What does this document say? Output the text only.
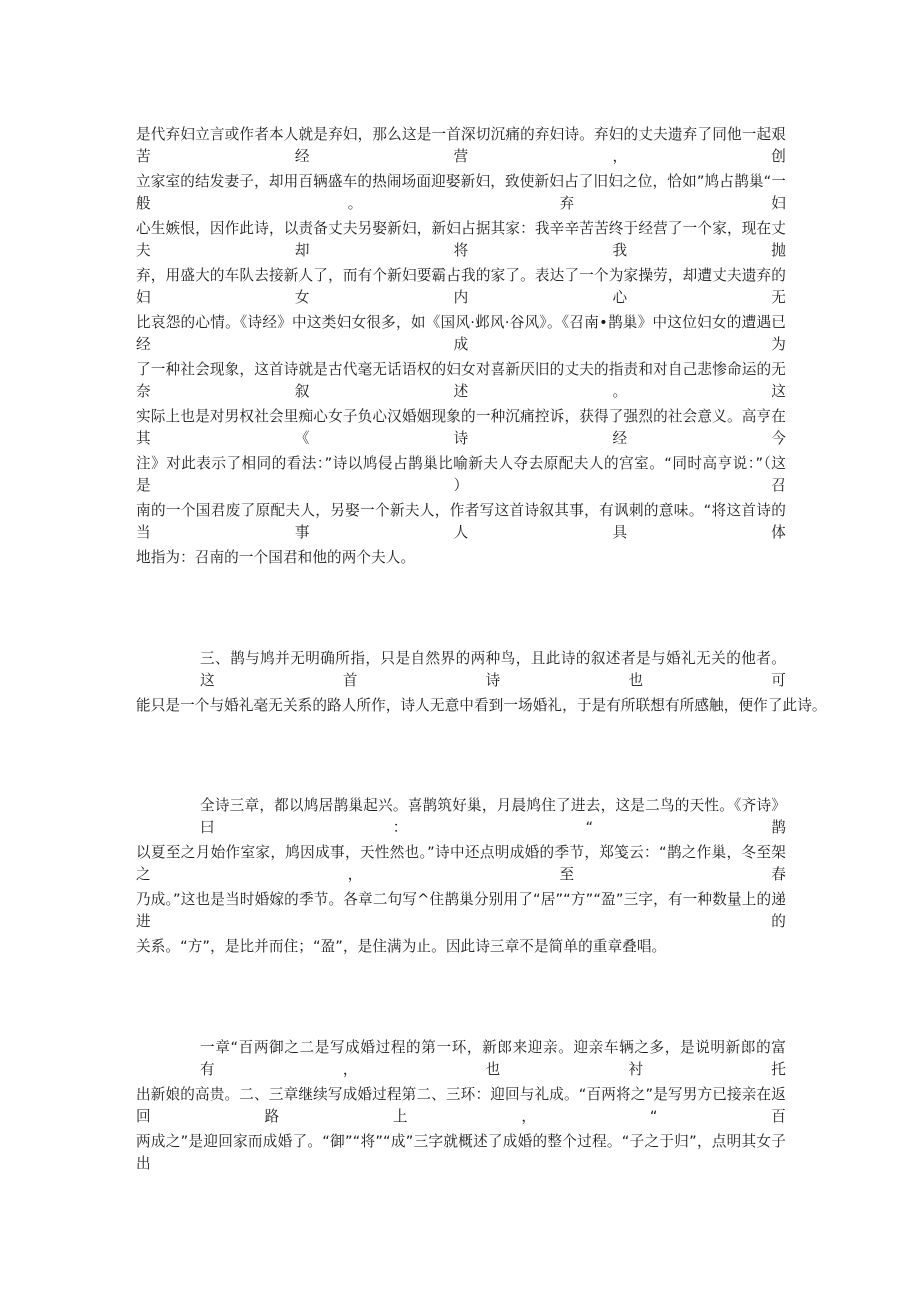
是代弃妇立言或作者本人就是弃妇，那么这是一首深切沉痛的弃妇诗。弃妇的丈夫遗弃了同他一起艰苦经营，创
立家室的结发妻子，却用百辆盛车的热闹场面迎娶新妇，致使新妇占了旧妇之位，恰如”鸠占鹊巢“一般。弃妇
心生嫉恨，因作此诗，以责备丈夫另娶新妇，新妇占据其家：我辛辛苦苦终于经营了一个家，现在丈夫却将我抛
弃，用盛大的车队去接新人了，而有个新妇要霸占我的家了。表达了一个为家操劳，却遭丈夫遗弃的妇女内心无
比哀怨的心情。《诗经》中这类妇女很多，如《国风·邺风·谷风》。《召南•鹊巢》中这位妇女的遭遇已经成为
了一种社会现象，这首诗就是古代毫无话语权的妇女对喜新厌旧的丈夫的指责和对自己悲惨命运的无奈叙述。这
实际上也是对男权社会里痴心女子负心汉婚姻现象的一种沉痛控诉，获得了强烈的社会意义。高亨在其《诗经今
注》对此表示了相同的看法：”诗以鸠侵占鹊巢比喻新夫人夺去原配夫人的宫室。“同时高亨说：”（这是）召
南的一个国君废了原配夫人，另娶一个新夫人，作者写这首诗叙其事，有讽刺的意味。“将这首诗的当事人具体
地指为：召南的一个国君和他的两个夫人。
三、鹊与鸠并无明确所指，只是自然界的两种鸟，且此诗的叙述者是与婚礼无关的他者。这首诗也可
能只是一个与婚礼毫无关系的路人所作，诗人无意中看到一场婚礼，于是有所联想有所感触，便作了此诗。
全诗三章，都以鸠居鹊巢起兴。喜鹊筑好巢，月晨鸠住了进去，这是二鸟的天性。《齐诗》曰：“鹊
以夏至之月始作室家，鸠因成事，天性然也。”诗中还点明成婚的季节，郑笺云：“鹊之作巢，冬至架之，至春
乃成。”这也是当时婚嫁的季节。各章二句写^住鹊巢分别用了“居”“方”“盈”三字，有一种数量上的递进的
关系。“方”，是比并而住；“盈”，是住满为止。因此诗三章不是简单的重章叠唱。
一章“百两御之二是写成婚过程的第一环，新郎来迎亲。迎亲车辆之多，是说明新郎的富有，也衬托
出新娘的高贵。二、三章继续写成婚过程第二、三环：迎回与礼成。“百两将之”是写男方已接亲在返回路上，“百
两成之”是迎回家而成婚了。“御”“将”“成”三字就概述了成婚的整个过程。“子之于归”，点明其女子出
